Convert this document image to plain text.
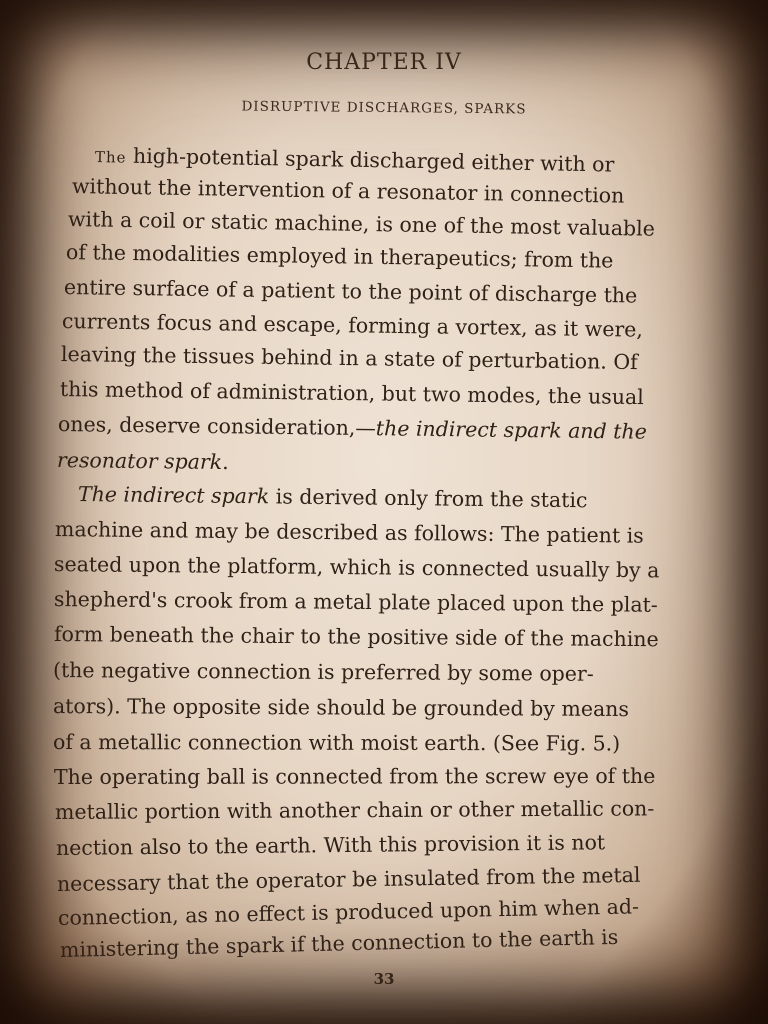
CHAPTER IV
DISRUPTIVE DISCHARGES, SPARKS
The high-potential spark discharged either with or
without the intervention of a resonator in connection
with a coil or static machine, is one of the most valuable
of the modalities employed in therapeutics; from the
entire surface of a patient to the point of discharge the
currents focus and escape, forming a vortex, as it were,
leaving the tissues behind in a state of perturbation. Of
this method of administration, but two modes, the usual
ones, deserve consideration,—the indirect spark and the
resonator spark.
The indirect spark is derived only from the static
machine and may be described as follows: The patient is
seated upon the platform, which is connected usually by a
shepherd's crook from a metal plate placed upon the plat-
form beneath the chair to the positive side of the machine
(the negative connection is preferred by some oper-
ators). The opposite side should be grounded by means
of a metallic connection with moist earth. (See Fig. 5.)
The operating ball is connected from the screw eye of the
metallic portion with another chain or other metallic con-
nection also to the earth. With this provision it is not
necessary that the operator be insulated from the metal
connection, as no effect is produced upon him when ad-
ministering the spark if the connection to the earth is
33
